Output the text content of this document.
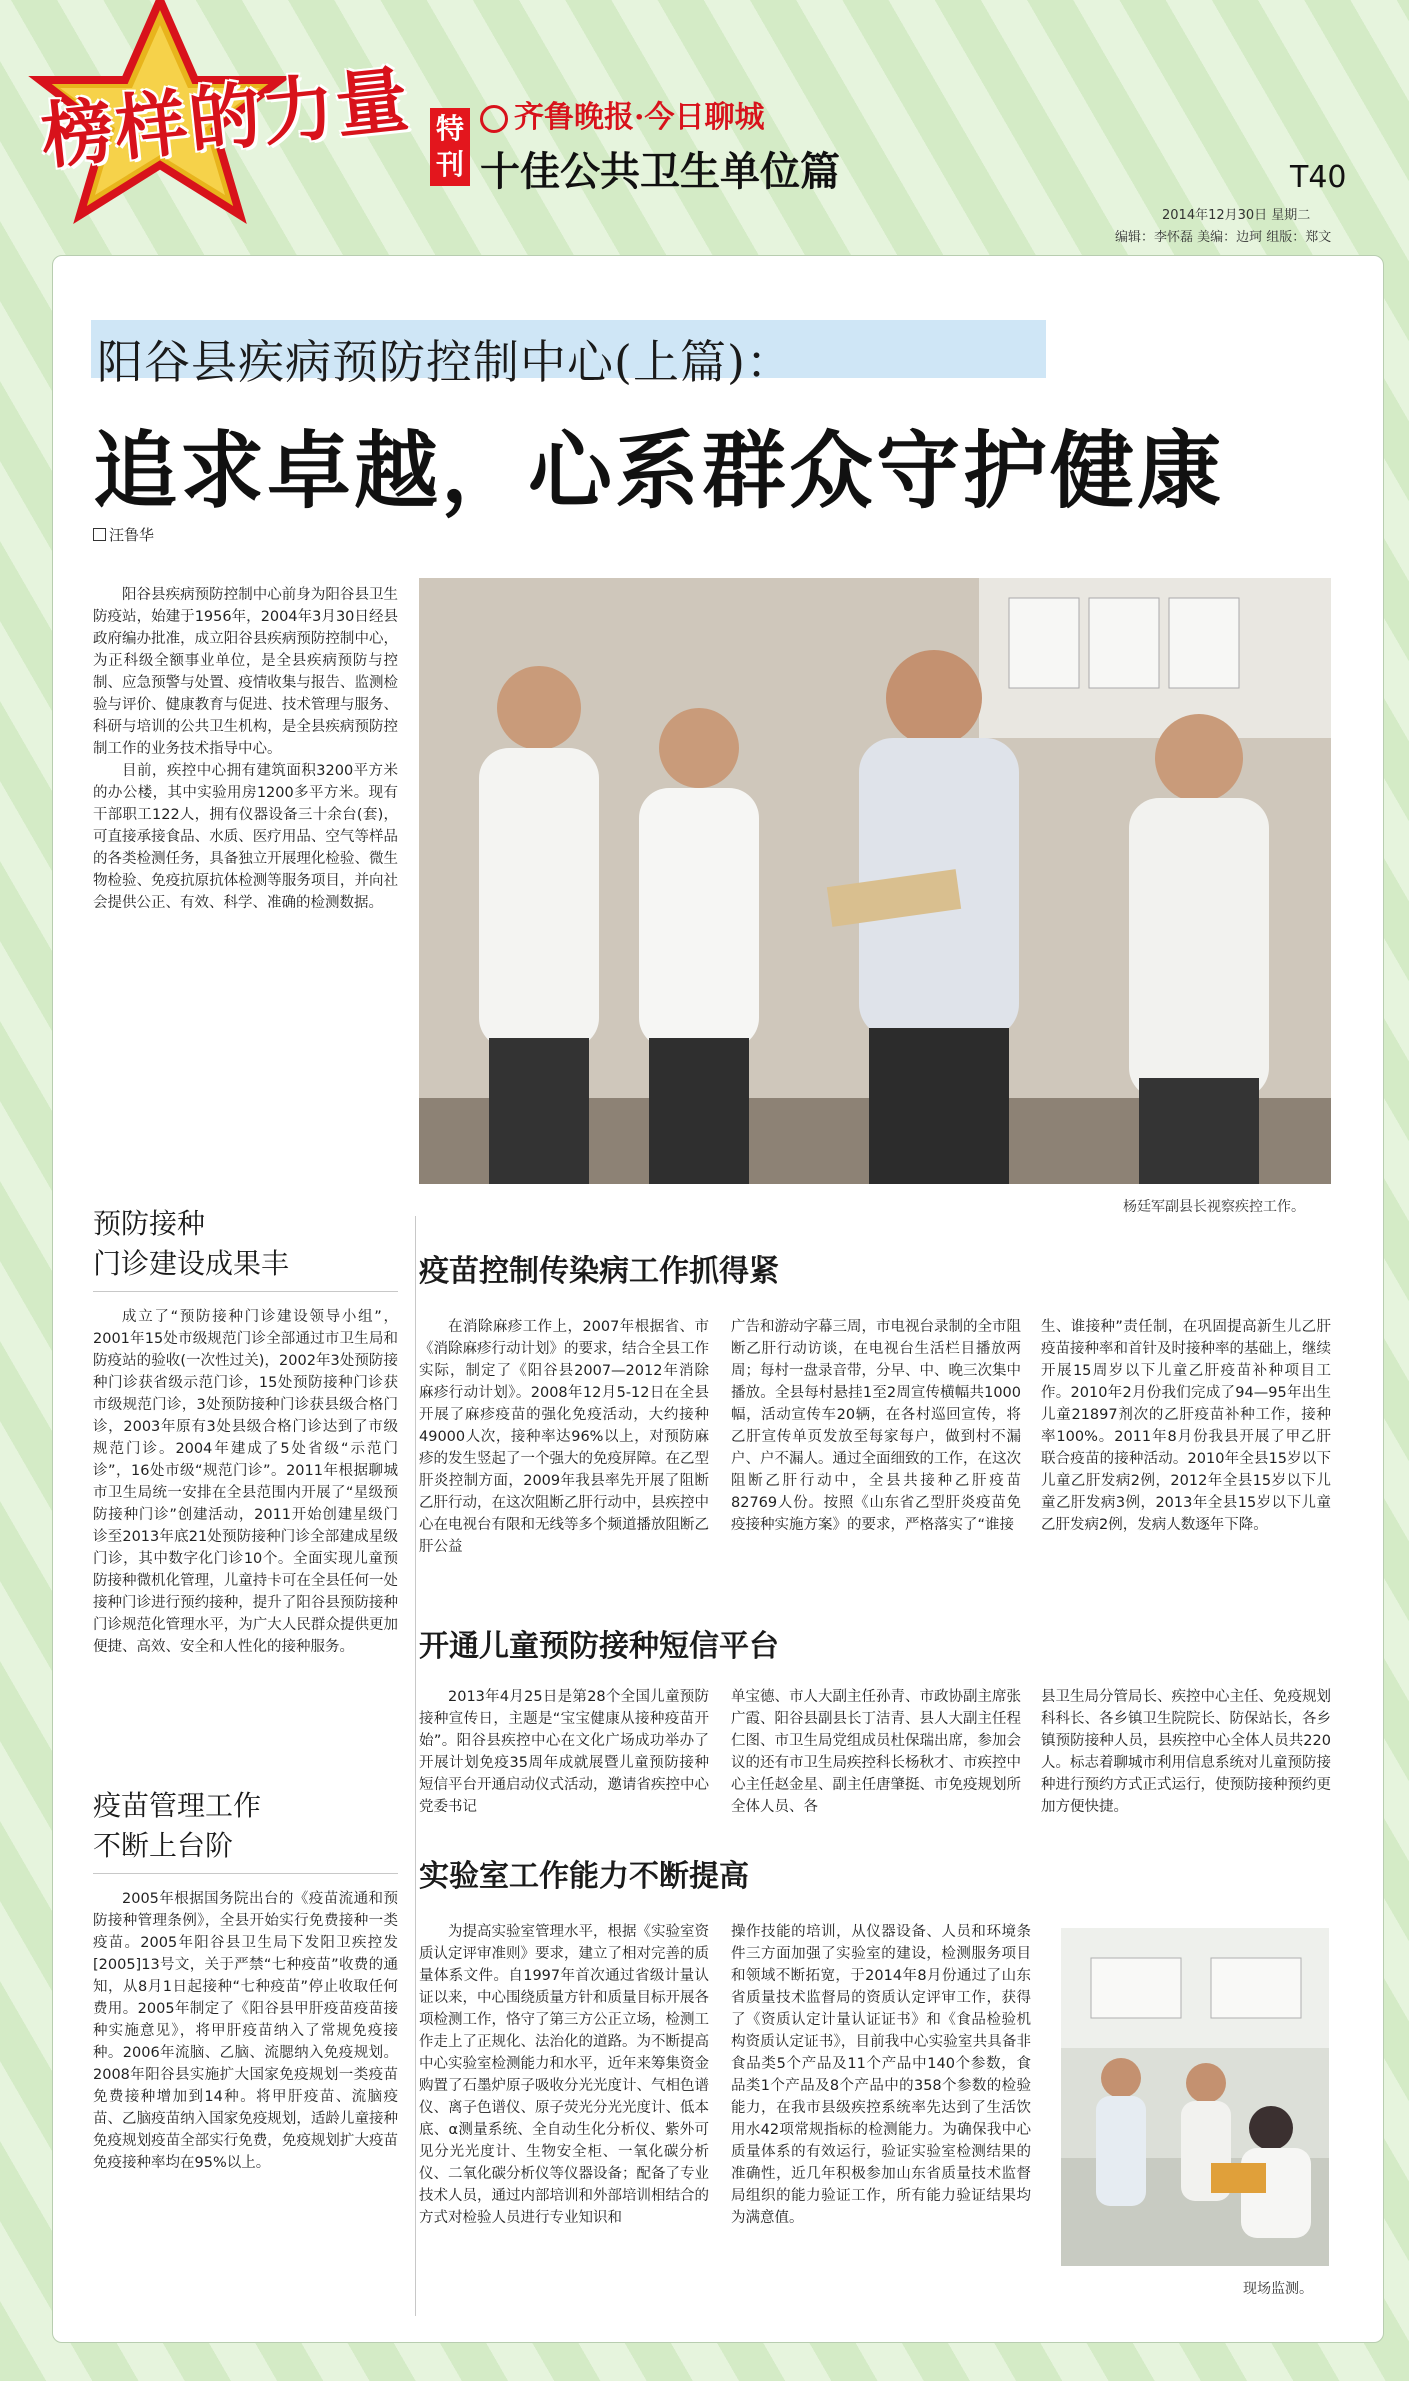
榜样的力量 特
刊
齐鲁晚报·今日聊城
十佳公共卫生单位篇	T40
2014年12月30日 星期二
编辑：李怀磊 美编：边珂 组版：郑文
阳谷县疾病预防控制中心(上篇)：
追求卓越，心系群众守护健康
汪鲁华

阳谷县疾病预防控制中心前身为阳谷县卫生防疫站，始建于1956年，2004年3月30日经县政府编办批准，成立阳谷县疾病预防控制中心，为正科级全额事业单位，是全县疾病预防与控制、应急预警与处置、疫情收集与报告、监测检验与评价、健康教育与促进、技术管理与服务、科研与培训的公共卫生机构，是全县疾病预防控制工作的业务技术指导中心。

目前，疾控中心拥有建筑面积3200平方米的办公楼，其中实验用房1200多平方米。现有干部职工122人，拥有仪器设备三十余台(套)，可直接承接食品、水质、医疗用品、空气等样品的各类检测任务，具备独立开展理化检验、微生物检验、免疫抗原抗体检测等服务项目，并向社会提供公正、有效、科学、准确的检测数据。

杨廷军副县长视察疾控工作。
预防接种
门诊建设成果丰

成立了“预防接种门诊建设领导小组”，2001年15处市级规范门诊全部通过市卫生局和防疫站的验收(一次性过关)，2002年3处预防接种门诊获省级示范门诊，15处预防接种门诊获市级规范门诊，3处预防接种门诊获县级合格门诊，2003年原有3处县级合格门诊达到了市级规范门诊。2004年建成了5处省级“示范门诊”，16处市级“规范门诊”。2011年根据聊城市卫生局统一安排在全县范围内开展了“星级预防接种门诊”创建活动，2011开始创建星级门诊至2013年底21处预防接种门诊全部建成星级门诊，其中数字化门诊10个。全面实现儿童预防接种微机化管理，儿童持卡可在全县任何一处接种门诊进行预约接种，提升了阳谷县预防接种门诊规范化管理水平，为广大人民群众提供更加便捷、高效、安全和人性化的接种服务。

疫苗管理工作
不断上台阶

2005年根据国务院出台的《疫苗流通和预防接种管理条例》，全县开始实行免费接种一类疫苗。2005年阳谷县卫生局下发阳卫疾控发[2005]13号文，关于严禁“七种疫苗”收费的通知，从8月1日起接种“七种疫苗”停止收取任何费用。2005年制定了《阳谷县甲肝疫苗疫苗接种实施意见》，将甲肝疫苗纳入了常规免疫接种。2006年流脑、乙脑、流腮纳入免疫规划。2008年阳谷县实施扩大国家免疫规划一类疫苗免费接种增加到14种。将甲肝疫苗、流脑疫苗、乙脑疫苗纳入国家免疫规划，适龄儿童接种免疫规划疫苗全部实行免费，免疫规划扩大疫苗免疫接种率均在95%以上。

疫苗控制传染病工作抓得紧

在消除麻疹工作上，2007年根据省、市《消除麻疹行动计划》的要求，结合全县工作实际，制定了《阳谷县2007—2012年消除麻疹行动计划》。2008年12月5-12日在全县开展了麻疹疫苗的强化免疫活动，大约接种49000人次，接种率达96%以上，对预防麻疹的发生竖起了一个强大的免疫屏障。在乙型肝炎控制方面，2009年我县率先开展了阻断乙肝行动，在这次阻断乙肝行动中，县疾控中心在电视台有限和无线等多个频道播放阻断乙肝公益

广告和游动字幕三周，市电视台录制的全市阻断乙肝行动访谈，在电视台生活栏目播放两周；每村一盘录音带，分早、中、晚三次集中播放。全县每村悬挂1至2周宣传横幅共1000幅，活动宣传车20辆，在各村巡回宣传，将乙肝宣传单页发放至每家每户，做到村不漏户、户不漏人。通过全面细致的工作，在这次阻断乙肝行动中，全县共接种乙肝疫苗82769人份。按照《山东省乙型肝炎疫苗免疫接种实施方案》的要求，严格落实了“谁接

生、谁接种”责任制，在巩固提高新生儿乙肝疫苗接种率和首针及时接种率的基础上，继续开展15周岁以下儿童乙肝疫苗补种项目工作。2010年2月份我们完成了94—95年出生儿童21897剂次的乙肝疫苗补种工作，接种率100%。2011年8月份我县开展了甲乙肝联合疫苗的接种活动。2010年全县15岁以下儿童乙肝发病2例，2012年全县15岁以下儿童乙肝发病3例，2013年全县15岁以下儿童乙肝发病2例，发病人数逐年下降。

开通儿童预防接种短信平台

2013年4月25日是第28个全国儿童预防接种宣传日，主题是“宝宝健康从接种疫苗开始”。阳谷县疾控中心在文化广场成功举办了开展计划免疫35周年成就展暨儿童预防接种短信平台开通启动仪式活动，邀请省疾控中心党委书记

单宝德、市人大副主任孙青、市政协副主席张广霞、阳谷县副县长丁洁青、县人大副主任程仁图、市卫生局党组成员杜保瑞出席，参加会议的还有市卫生局疾控科长杨秋才、市疾控中心主任赵金星、副主任唐肇挺、市免疫规划所全体人员、各

县卫生局分管局长、疾控中心主任、免疫规划科科长、各乡镇卫生院院长、防保站长，各乡镇预防接种人员，县疾控中心全体人员共220人。标志着聊城市利用信息系统对儿童预防接种进行预约方式正式运行，使预防接种预约更加方便快捷。

实验室工作能力不断提高

为提高实验室管理水平，根据《实验室资质认定评审准则》要求，建立了相对完善的质量体系文件。自1997年首次通过省级计量认证以来，中心围绕质量方针和质量目标开展各项检测工作，恪守了第三方公正立场，检测工作走上了正规化、法治化的道路。为不断提高中心实验室检测能力和水平，近年来筹集资金购置了石墨炉原子吸收分光光度计、气相色谱仪、离子色谱仪、原子荧光分光光度计、低本底、α测量系统、全自动生化分析仪、紫外可见分光光度计、生物安全柜、一氧化碳分析仪、二氧化碳分析仪等仪器设备；配备了专业技术人员，通过内部培训和外部培训相结合的方式对检验人员进行专业知识和

操作技能的培训，从仪器设备、人员和环境条件三方面加强了实验室的建设，检测服务项目和领域不断拓宽，于2014年8月份通过了山东省质量技术监督局的资质认定评审工作，获得了《资质认定计量认证证书》和《食品检验机构资质认定证书》，目前我中心实验室共具备非食品类5个产品及11个产品中140个参数，食品类1个产品及8个产品中的358个参数的检验能力，在我市县级疾控系统率先达到了生活饮用水42项常规指标的检测能力。为确保我中心质量体系的有效运行，验证实验室检测结果的准确性，近几年积极参加山东省质量技术监督局组织的能力验证工作，所有能力验证结果均为满意值。

现场监测。
